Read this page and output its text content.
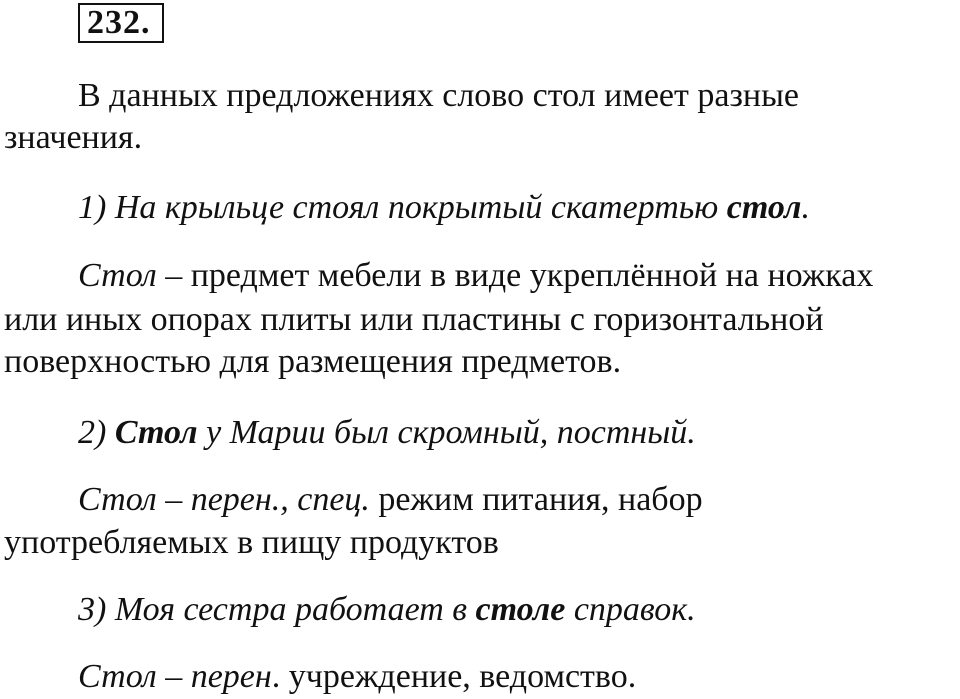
232.
В данных предложениях слово стол имеет разные
значения.
1) На крыльце стоял покрытый скатертью стол.
Стол – предмет мебели в виде укреплённой на ножках
или иных опорах плиты или пластины с горизонтальной
поверхностью для размещения предметов.
2) Стол у Марии был скромный, постный.
Стол – перен., спец. режим питания, набор
употребляемых в пищу продуктов
3) Моя сестра работает в столе справок.
Стол – перен. учреждение, ведомство.
